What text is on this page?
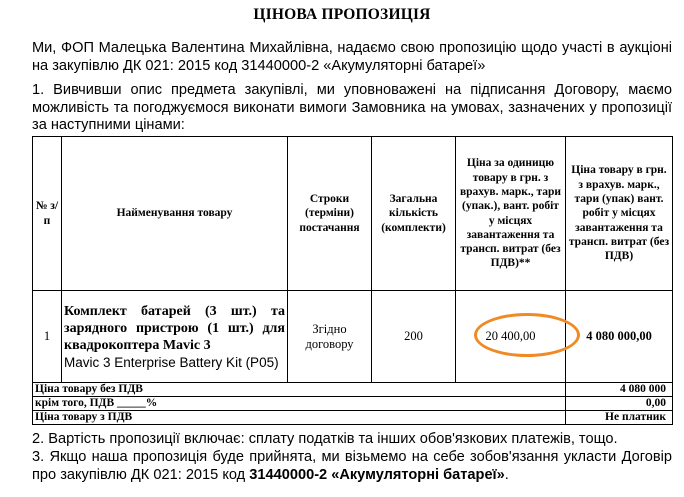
ЦІНОВА ПРОПОЗИЦІЯ
Ми, ФОП Малецька Валентина Михайлівна, надаємо свою пропозицію щодо участі в аукціоні на закупівлю ДК 021: 2015 код 31440000-2 «Акумуляторні батареї»
1. Вивчивши опис предмета закупівлі, ми уповноважені на підписання Договору, маємо можливість та погоджуємося виконати вимоги Замовника на умовах, зазначених у пропозиції за наступними цінами:
№ з/п	Найменування товару	Строки (терміни) постачання	Загальна кількість (комплекти)	Ціна за одиницю товару в грн. з врахув. марк., тари (упак.), вант. робіт у місцях завантаження та трансп. витрат (без ПДВ)**	Ціна товару в грн. з врахув. марк., тари (упак) вант. робіт у місцях завантаження та трансп. витрат (без ПДВ)
1	Комплект батарей (3 шт.) та зарядного пристрою (1 шт.) для квадрокоптера Mavic 3
Mavic 3 Enterprise Battery Kit (P05)	Згідно договору	200	20 400,00	4 080 000,00
Ціна товару без ПДВ					4 080 000
крім того, ПДВ _____%					0,00
Ціна товару з ПДВ					Не платник
2. Вартість пропозиції включає: сплату податків та інших обов'язкових платежів, тощо.
3. Якщо наша пропозиція буде прийнята, ми візьмемо на себе зобов'язання укласти Договір про закупівлю ДК 021: 2015 код 31440000-2 «Акумуляторні батареї».
